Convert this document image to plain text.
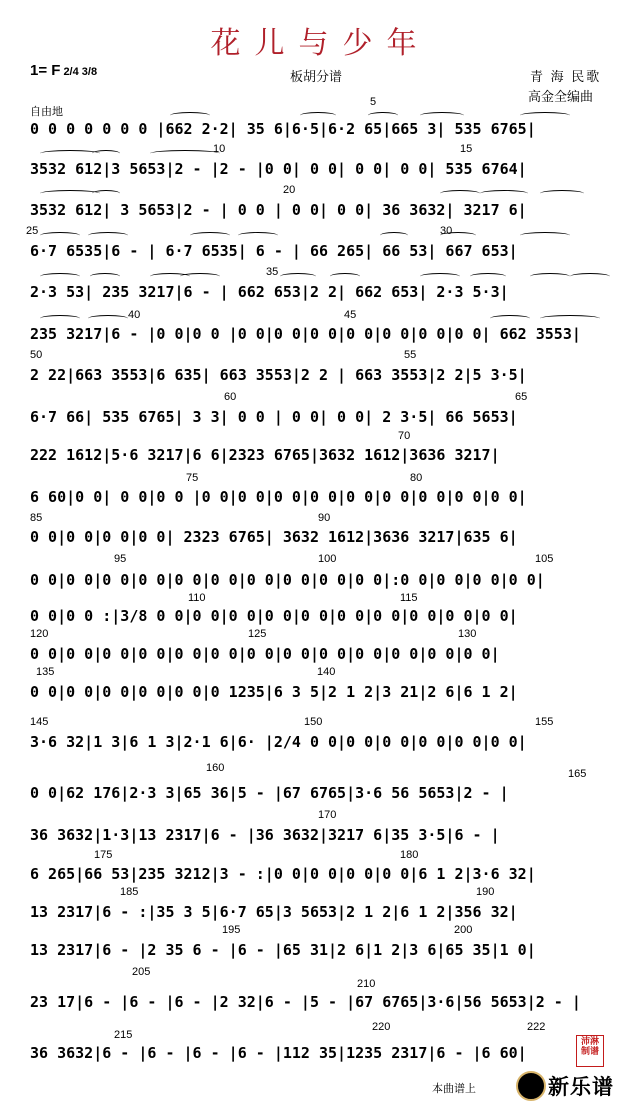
花儿与少年
1= F 2/4 3/8	板胡分谱	青 海 民歌
高金全编曲
自由地
0 0 0 0 0 0 0 |662 2·2| 35 6|6·5|6·2 65|665 3| 535 6765|
3532 612|3 5653|2 - |2 - |0 0| 0 0| 0 0| 0 0| 535 6764|
3532 612| 3 5653|2 - | 0 0 | 0 0| 0 0| 36 3632| 3217 6|
6·7 6535|6 - | 6·7 6535| 6 - | 66 265| 66 53| 667 653|
2·3 53| 235 3217|6 - | 662 653|2 2| 662 653| 2·3 5·3|
235 3217|6 - |0 0|0 0 |0 0|0 0|0 0|0 0|0 0|0 0|0 0| 662 3553|
2 22|663 3553|6 635| 663 3553|2 2 | 663 3553|2 2|5 3·5|
6·7 66| 535 6765| 3 3| 0 0 | 0 0| 0 0| 2 3·5| 66 5653|
222 1612|5·6 3217|6 6|2323 6765|3632 1612|3636 3217|
6 60|0 0| 0 0|0 0 |0 0|0 0|0 0|0 0|0 0|0 0|0 0|0 0|0 0|
0 0|0 0|0 0|0 0| 2323 6765| 3632 1612|3636 3217|635 6|
0 0|0 0|0 0|0 0|0 0|0 0|0 0|0 0|0 0|0 0|:0 0|0 0|0 0|0 0|
0 0|0 0 :|3/8 0 0|0 0|0 0|0 0|0 0|0 0|0 0|0 0|0 0|0 0|
0 0|0 0|0 0|0 0|0 0|0 0|0 0|0 0|0 0|0 0|0 0|0 0|0 0|
0 0|0 0|0 0|0 0|0 0|0 1235|6 3 5|2 1 2|3 21|2 6|6 1 2|
3·6 32|1 3|6 1 3|2·1 6|6· |2/4 0 0|0 0|0 0|0 0|0 0|0 0|
0 0|62 176|2·3 3|65 36|5 - |67 6765|3·6 56 5653|2 - |
36 3632|1·3|13 2317|6 - |36 3632|3217 6|35 3·5|6 - |
6 265|66 53|235 3212|3 - :|0 0|0 0|0 0|0 0|6 1 2|3·6 32|
13 2317|6 - :|35 3 5|6·7 65|3 5653|2 1 2|6 1 2|356 32|
13 2317|6 - |2 35 6 - |6 - |65 31|2 6|1 2|3 6|65 35|1 0|
23 17|6 - |6 - |6 - |2 32|6 - |5 - |67 6765|3·6|56 5653|2 - |
36 3632|6 - |6 - |6 - |6 - |112 35|1235 2317|6 - |6 60|
5
10	15
20
25	30
35
40	45
50	55
60	65
70
75	80
85	90
95	100	105
110	115
120	125	130
135	140
145	150	155
160	165
170
175	180
185	190
195	200
205
210
215
220	222
沛淋制谱
本曲谱上	新乐谱
